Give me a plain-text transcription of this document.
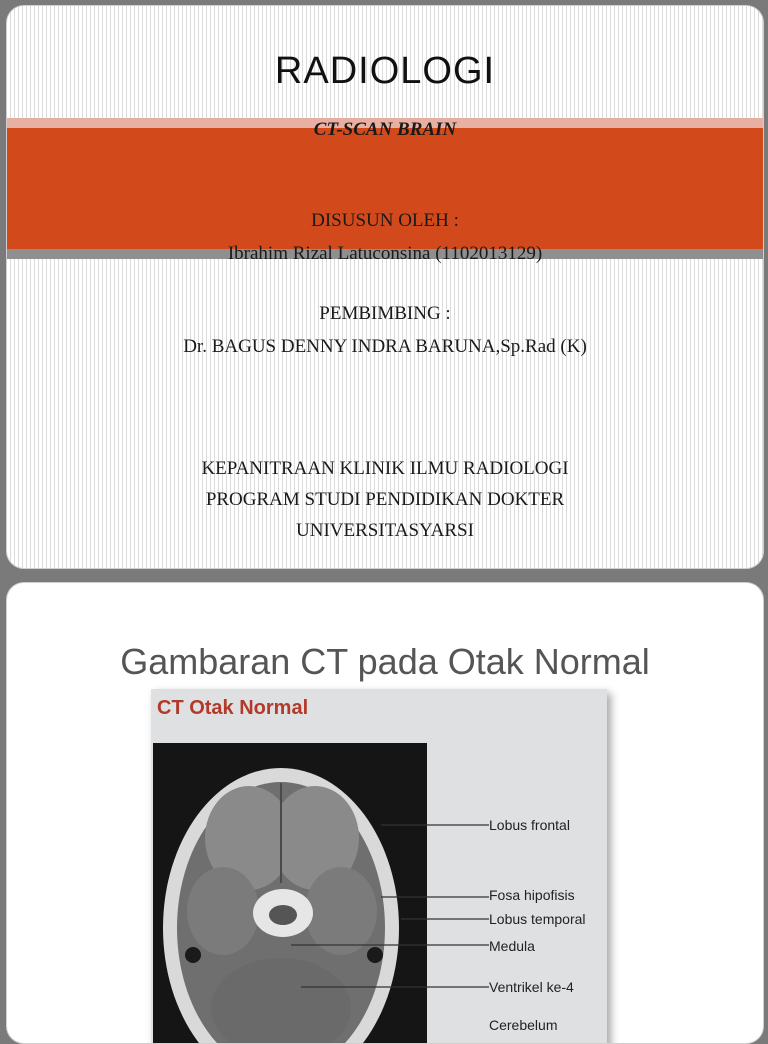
RADIOLOGI
CT-SCAN BRAIN
DISUSUN OLEH :
Ibrahim Rizal Latuconsina (1102013129)
PEMBIMBING :
Dr. BAGUS DENNY INDRA BARUNA,Sp.Rad (K)
KEPANITRAAN KLINIK ILMU RADIOLOGI
PROGRAM STUDI PENDIDIKAN DOKTER
UNIVERSITASYARSI
Gambaran CT pada Otak Normal
CT Otak Normal
Lobus frontal
Fosa hipofisis
Lobus temporal
Medula
Ventrikel ke-4
Cerebelum
